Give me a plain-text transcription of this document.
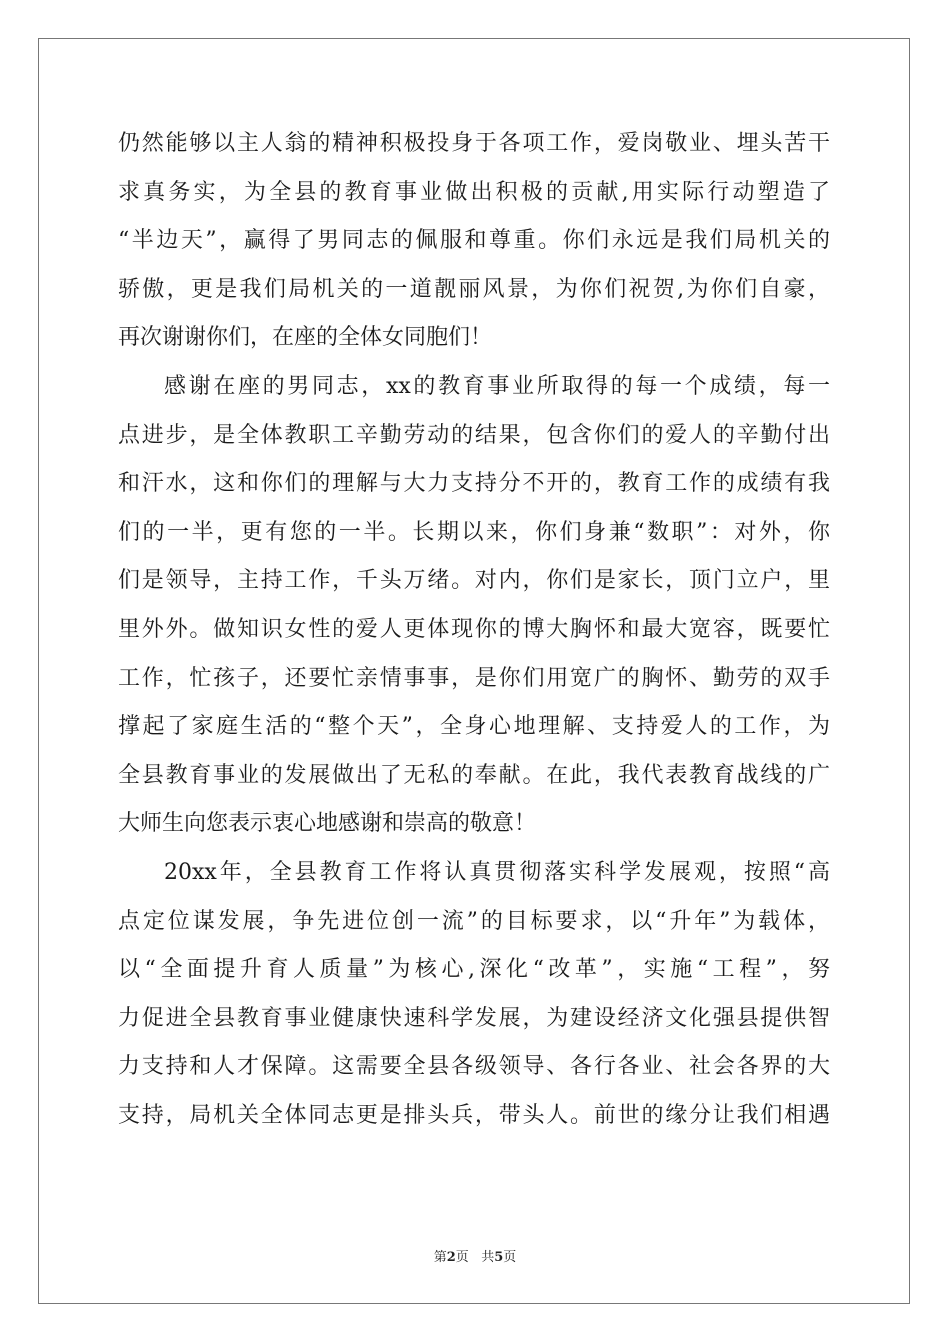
仍然能够以主人翁的精神积极投身于各项工作，爱岗敬业、埋头苦干
求真务实，为全县的教育事业做出积极的贡献,用实际行动塑造了
“半边天”，赢得了男同志的佩服和尊重。你们永远是我们局机关的
骄傲，更是我们局机关的一道靓丽风景，为你们祝贺,为你们自豪，
再次谢谢你们，在座的全体女同胞们！
感谢在座的男同志，xx的教育事业所取得的每一个成绩，每一
点进步，是全体教职工辛勤劳动的结果，包含你们的爱人的辛勤付出
和汗水，这和你们的理解与大力支持分不开的，教育工作的成绩有我
们的一半，更有您的一半。长期以来，你们身兼“数职”：对外，你
们是领导，主持工作，千头万绪。对内，你们是家长，顶门立户，里
里外外。做知识女性的爱人更体现你的博大胸怀和最大宽容，既要忙
工作，忙孩子，还要忙亲情事事，是你们用宽广的胸怀、勤劳的双手
撑起了家庭生活的“整个天”，全身心地理解、支持爱人的工作，为
全县教育事业的发展做出了无私的奉献。在此，我代表教育战线的广
大师生向您表示衷心地感谢和崇高的敬意！
20xx年，全县教育工作将认真贯彻落实科学发展观，按照“高
点定位谋发展，争先进位创一流”的目标要求，以“升年”为载体，
以“全面提升育人质量”为核心,深化“改革”，实施“工程”，努
力促进全县教育事业健康快速科学发展，为建设经济文化强县提供智
力支持和人才保障。这需要全县各级领导、各行各业、社会各界的大
支持，局机关全体同志更是排头兵，带头人。前世的缘分让我们相遇
第2页 共5页
